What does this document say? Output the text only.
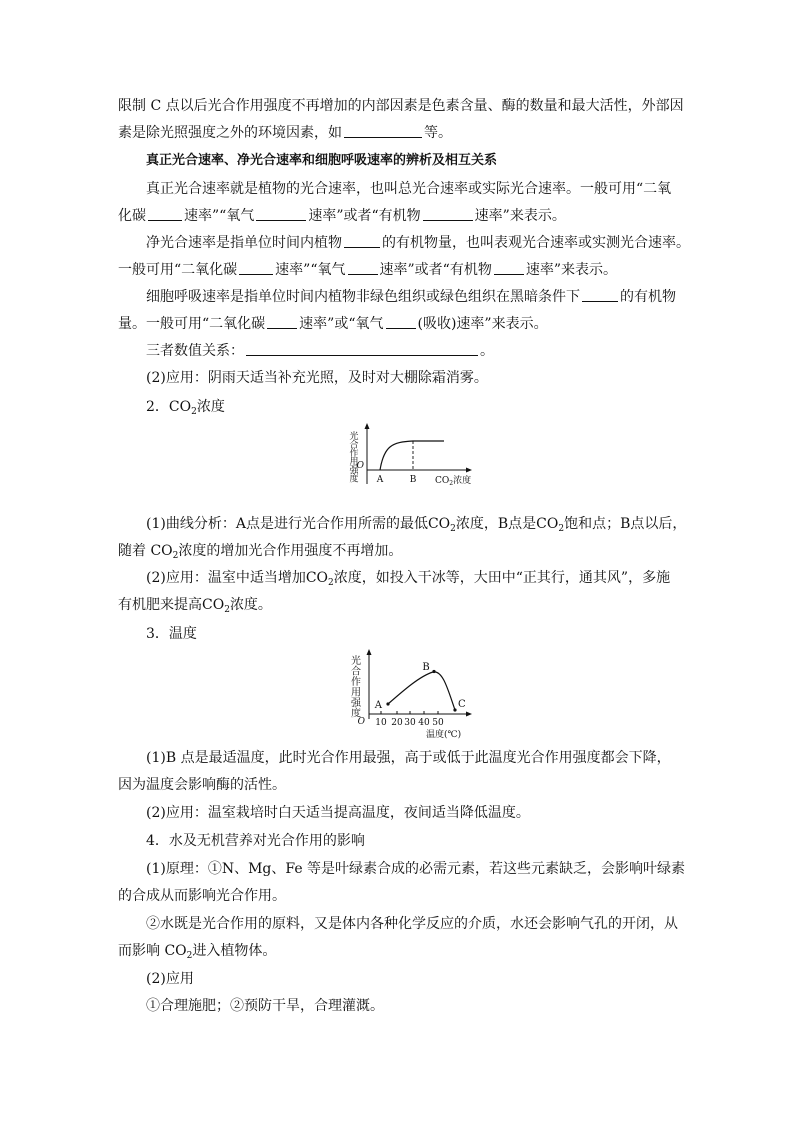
限制 C 点以后光合作用强度不再增加的内部因素是色素含量、酶的数量和最大活性，外部因
素是除光照强度之外的环境因素，如	等。
真正光合速率、净光合速率和细胞呼吸速率的辨析及相互关系
真正光合速率就是植物的光合速率，也叫总光合速率或实际光合速率。一般可用“二氧
化碳	速率”“氧气	速率”或者“有机物	速率”来表示。
净光合速率是指单位时间内植物	的有机物量，也叫表观光合速率或实测光合速率。
一般可用“二氧化碳	速率”“氧气 速率”或者“有机物 速率”来表示。
细胞呼吸速率是指单位时间内植物非绿色组织或绿色组织在黑暗条件下	的有机物
量。一般可用“二氧化碳 速率”或“氧气 (吸收)速率”来表示。
三者数值关系：	。
(2)应用：阴雨天适当补充光照，及时对大棚除霜消雾。
2．$CO_2$浓度
光
合
作
用
强
度
O
A	B $CO_2$浓度
(1)曲线分析：A点是进行光合作用所需的最低$CO_2$浓度，B点是$CO_2$饱和点；B点以后，
随着 $CO_2$浓度的增加光合作用强度不再增加。
(2)应用：温室中适当增加$CO_2$浓度，如投入干冰等，大田中“正其行，通其风”，多施
有机肥来提高$CO_2$浓度。
3．温度
光
合
作
用
强
度
A
B
C
O 10 20 30 40 50
温度(℃)
(1)B 点是最适温度，此时光合作用最强，高于或低于此温度光合作用强度都会下降，
因为温度会影响酶的活性。
(2)应用：温室栽培时白天适当提高温度，夜间适当降低温度。
4．水及无机营养对光合作用的影响
(1)原理：①N、Mg、Fe 等是叶绿素合成的必需元素，若这些元素缺乏，会影响叶绿素
的合成从而影响光合作用。
②水既是光合作用的原料，又是体内各种化学反应的介质，水还会影响气孔的开闭，从
而影响 $CO_2$进入植物体。
(2)应用
①合理施肥；②预防干旱，合理灌溉。
